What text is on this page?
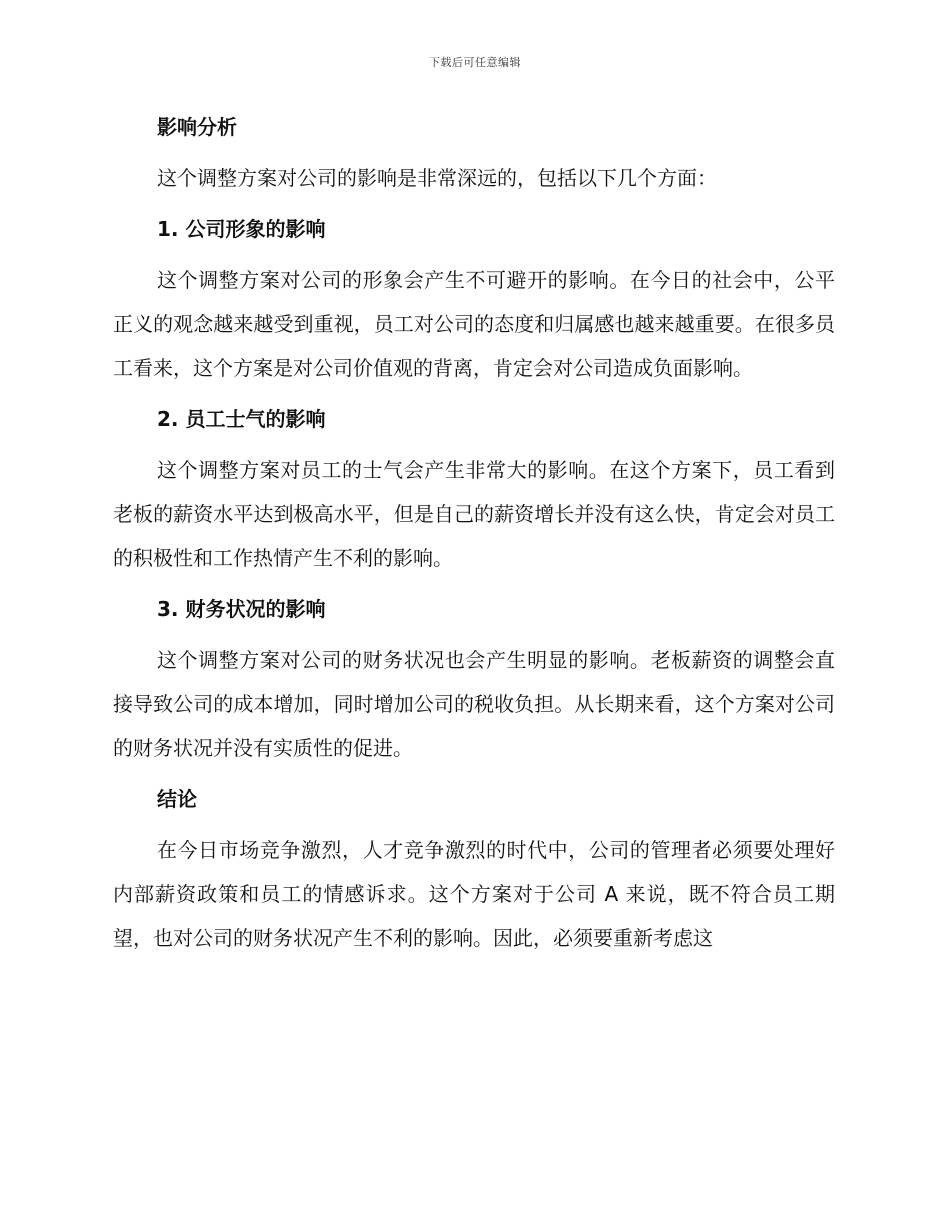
下载后可任意编辑
影响分析

这个调整方案对公司的影响是非常深远的，包括以下几个方面：

1. 公司形象的影响

这个调整方案对公司的形象会产生不可避开的影响。在今日的社会中，公平正义的观念越来越受到重视，员工对公司的态度和归属感也越来越重要。在很多员工看来，这个方案是对公司价值观的背离，肯定会对公司造成负面影响。

2. 员工士气的影响

这个调整方案对员工的士气会产生非常大的影响。在这个方案下，员工看到老板的薪资水平达到极高水平，但是自己的薪资增长并没有这么快，肯定会对员工的积极性和工作热情产生不利的影响。

3. 财务状况的影响

这个调整方案对公司的财务状况也会产生明显的影响。老板薪资的调整会直接导致公司的成本增加，同时增加公司的税收负担。从长期来看，这个方案对公司的财务状况并没有实质性的促进。

结论

在今日市场竞争激烈，人才竞争激烈的时代中，公司的管理者必须要处理好内部薪资政策和员工的情感诉求。这个方案对于公司 A 来说，既不符合员工期望，也对公司的财务状况产生不利的影响。因此，必须要重新考虑这
